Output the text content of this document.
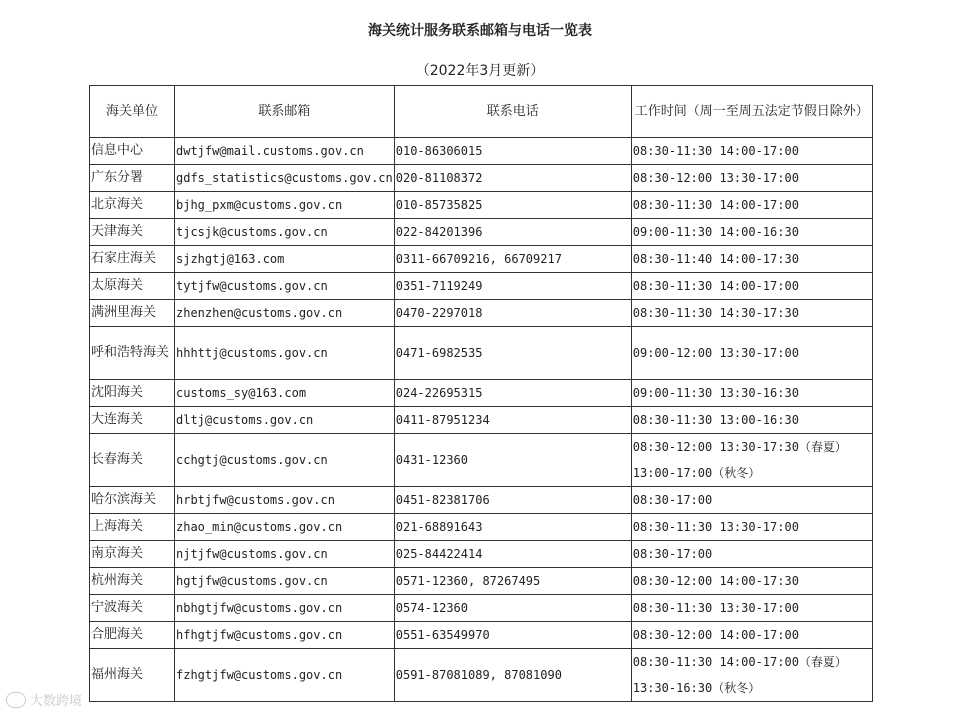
海关统计服务联系邮箱与电话一览表
（2022年3月更新）
海关单位	联系邮箱	联系电话	工作时间（周一至周五法定节假日除外）
信息中心	dwtjfw@mail.customs.gov.cn	010-86306015	08:30-11:30 14:00-17:00
广东分署	gdfs_statistics@customs.gov.cn	020-81108372	08:30-12:00 13:30-17:00
北京海关	bjhg_pxm@customs.gov.cn	010-85735825	08:30-11:30 14:00-17:00
天津海关	tjcsjk@customs.gov.cn	022-84201396	09:00-11:30 14:00-16:30
石家庄海关	sjzhgtj@163.com	0311-66709216, 66709217	08:30-11:40 14:00-17:30
太原海关	tytjfw@customs.gov.cn	0351-7119249	08:30-11:30 14:00-17:00
满洲里海关	zhenzhen@customs.gov.cn	0470-2297018	08:30-11:30 14:30-17:30
呼和浩特海关	hhhttj@customs.gov.cn	0471-6982535	09:00-12:00 13:30-17:00
沈阳海关	customs_sy@163.com	024-22695315	09:00-11:30 13:30-16:30
大连海关	dltj@customs.gov.cn	0411-87951234	08:30-11:30 13:00-16:30
长春海关	cchgtj@customs.gov.cn	0431-12360	08:30-12:00 13:30-17:30（春夏） 13:00-17:00（秋冬）
哈尔滨海关	hrbtjfw@customs.gov.cn	0451-82381706	08:30-17:00
上海海关	zhao_min@customs.gov.cn	021-68891643	08:30-11:30 13:30-17:00
南京海关	njtjfw@customs.gov.cn	025-84422414	08:30-17:00
杭州海关	hgtjfw@customs.gov.cn	0571-12360, 87267495	08:30-12:00 14:00-17:30
宁波海关	nbhgtjfw@customs.gov.cn	0574-12360	08:30-11:30 13:30-17:00
合肥海关	hfhgtjfw@customs.gov.cn	0551-63549970	08:30-12:00 14:00-17:00
福州海关	fzhgtjfw@customs.gov.cn	0591-87081089, 87081090	08:30-11:30 14:00-17:00（春夏） 13:30-16:30（秋冬）
大数跨境
